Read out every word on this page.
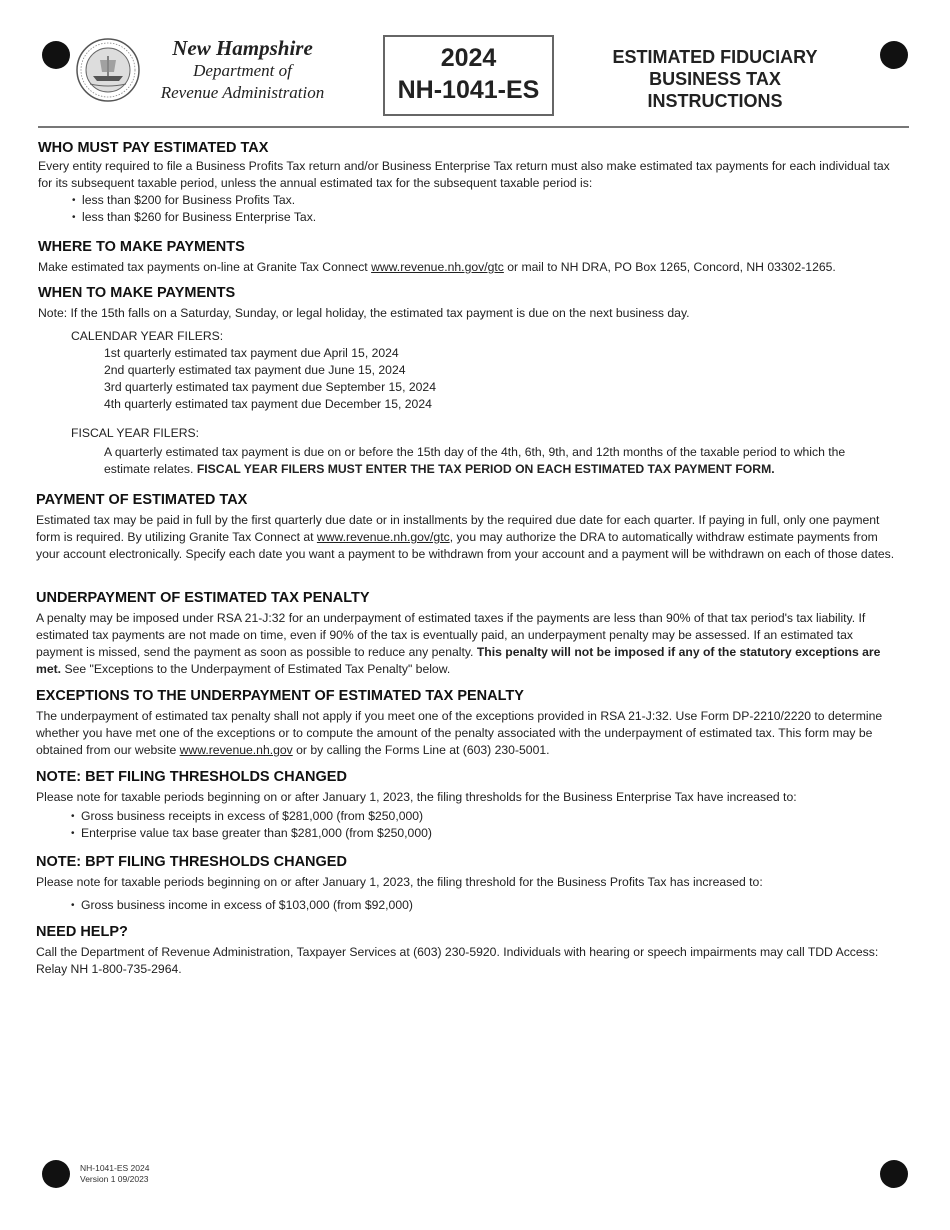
New Hampshire
Department of
Revenue Administration
2024
NH-1041-ES
ESTIMATED FIDUCIARY
BUSINESS TAX
INSTRUCTIONS
WHO MUST PAY ESTIMATED TAX

Every entity required to file a Business Profits Tax return and/or Business Enterprise Tax return must also make estimated tax payments for each individual tax for its subsequent taxable period, unless the annual estimated tax for the subsequent taxable period is:

• less than $200 for Business Profits Tax.
• less than $260 for Business Enterprise Tax.
WHERE TO MAKE PAYMENTS

Make estimated tax payments on-line at Granite Tax Connect www.revenue.nh.gov/gtc or mail to NH DRA, PO Box 1265, Concord, NH 03302-1265.

WHEN TO MAKE PAYMENTS

Note: If the 15th falls on a Saturday, Sunday, or legal holiday, the estimated tax payment is due on the next business day.

CALENDAR YEAR FILERS:

1st quarterly estimated tax payment due April 15, 2024

2nd quarterly estimated tax payment due June 15, 2024

3rd quarterly estimated tax payment due September 15, 2024

4th quarterly estimated tax payment due December 15, 2024

FISCAL YEAR FILERS:

A quarterly estimated tax payment is due on or before the 15th day of the 4th, 6th, 9th, and 12th months of the taxable period to which the estimate relates. FISCAL YEAR FILERS MUST ENTER THE TAX PERIOD ON EACH ESTIMATED TAX PAYMENT FORM.

PAYMENT OF ESTIMATED TAX

Estimated tax may be paid in full by the first quarterly due date or in installments by the required due date for each quarter. If paying in full, only one payment form is required. By utilizing Granite Tax Connect at www.revenue.nh.gov/gtc, you may authorize the DRA to automatically withdraw estimate payments from your account electronically. Specify each date you want a payment to be withdrawn from your account and a payment will be withdrawn on each of those dates.

UNDERPAYMENT OF ESTIMATED TAX PENALTY

A penalty may be imposed under RSA 21-J:32 for an underpayment of estimated taxes if the payments are less than 90% of that tax period's tax liability. If estimated tax payments are not made on time, even if 90% of the tax is eventually paid, an underpayment penalty may be assessed. If an estimated tax payment is missed, send the payment as soon as possible to reduce any penalty. This penalty will not be imposed if any of the statutory exceptions are met. See "Exceptions to the Underpayment of Estimated Tax Penalty" below.

EXCEPTIONS TO THE UNDERPAYMENT OF ESTIMATED TAX PENALTY

The underpayment of estimated tax penalty shall not apply if you meet one of the exceptions provided in RSA 21-J:32. Use Form DP-2210/2220 to determine whether you have met one of the exceptions or to compute the amount of the penalty associated with the underpayment of estimated tax. This form may be obtained from our website www.revenue.nh.gov or by calling the Forms Line at (603) 230-5001.

NOTE: BET FILING THRESHOLDS CHANGED

Please note for taxable periods beginning on or after January 1, 2023, the filing thresholds for the Business Enterprise Tax have increased to:

• Gross business receipts in excess of $281,000 (from $250,000)
• Enterprise value tax base greater than $281,000 (from $250,000)
NOTE: BPT FILING THRESHOLDS CHANGED

Please note for taxable periods beginning on or after January 1, 2023, the filing threshold for the Business Profits Tax has increased to:

• Gross business income in excess of $103,000 (from $92,000)
NEED HELP?

Call the Department of Revenue Administration, Taxpayer Services at (603) 230-5920. Individuals with hearing or speech impairments may call TDD Access: Relay NH 1-800-735-2964.

NH-1041-ES 2024
Version 1 09/2023
